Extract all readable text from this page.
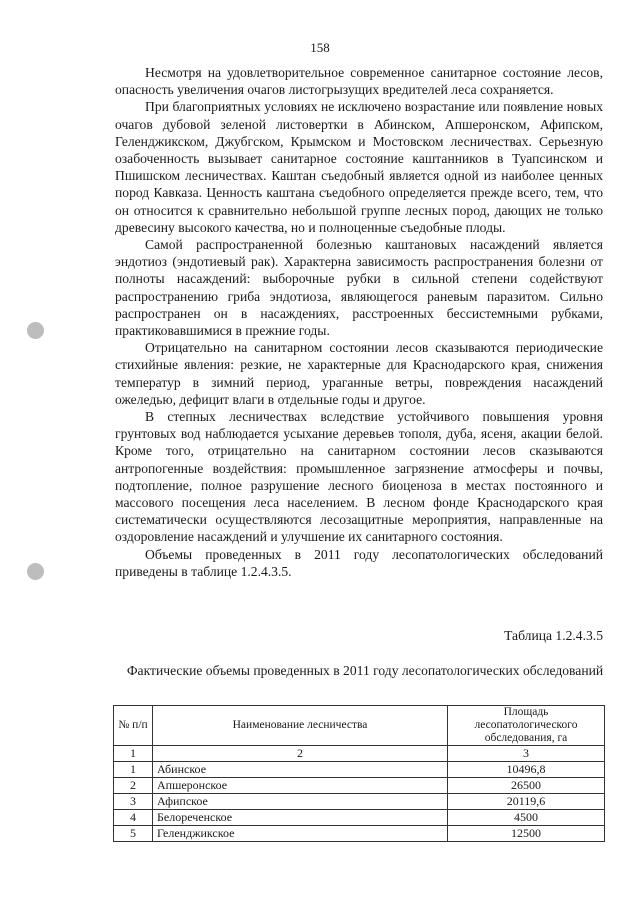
158

Несмотря на удовлетворительное современное санитарное состояние лесов, опасность увеличения очагов листогрызущих вредителей леса сохраняется.

При благоприятных условиях не исключено возрастание или появление новых очагов дубовой зеленой листовертки в Абинском, Апшеронском, Афипском, Геленджикском, Джубгском, Крымском и Мостовском лесничествах. Серьезную озабоченность вызывает санитарное состояние каштанников в Туапсинском и Пшишском лесничествах. Каштан съедобный является одной из наиболее ценных пород Кавказа. Ценность каштана съедобного определяется прежде всего, тем, что он относится к сравнительно небольшой группе лесных пород, дающих не только древесину высокого качества, но и полноценные съедобные плоды.

Самой распространенной болезнью каштановых насаждений является эндотиоз (эндотиевый рак). Характерна зависимость распространения болезни от полноты насаждений: выборочные рубки в сильной степени содействуют распространению гриба эндотиоза, являющегося раневым паразитом. Сильно распространен он в насаждениях, расстроенных бессистемными рубками, практиковавшимися в прежние годы.

Отрицательно на санитарном состоянии лесов сказываются периодические стихийные явления: резкие, не характерные для Краснодарского края, снижения температур в зимний период, ураганные ветры, повреждения насаждений ожеледью, дефицит влаги в отдельные годы и другое.

В степных лесничествах вследствие устойчивого повышения уровня грунтовых вод наблюдается усыхание деревьев тополя, дуба, ясеня, акации белой. Кроме того, отрицательно на санитарном состоянии лесов сказываются антропогенные воздействия: промышленное загрязнение атмосферы и почвы, подтопление, полное разрушение лесного биоценоза в местах постоянного и массового посещения леса населением. В лесном фонде Краснодарского края систематически осуществляются лесозащитные мероприятия, направленные на оздоровление насаждений и улучшение их санитарного состояния.

Объемы проведенных в 2011 году лесопатологических обследований приведены в таблице 1.2.4.3.5.

Таблица 1.2.4.3.5
Фактические объемы проведенных в 2011 году лесопатологических обследований
№ п/п	Наименование лесничества	Площадь лесопатологического обследования, га
1	2	3
1	Абинское	10496,8
2	Апшеронское	26500
3	Афипское	20119,6
4	Белореченское	4500
5	Геленджикское	12500
